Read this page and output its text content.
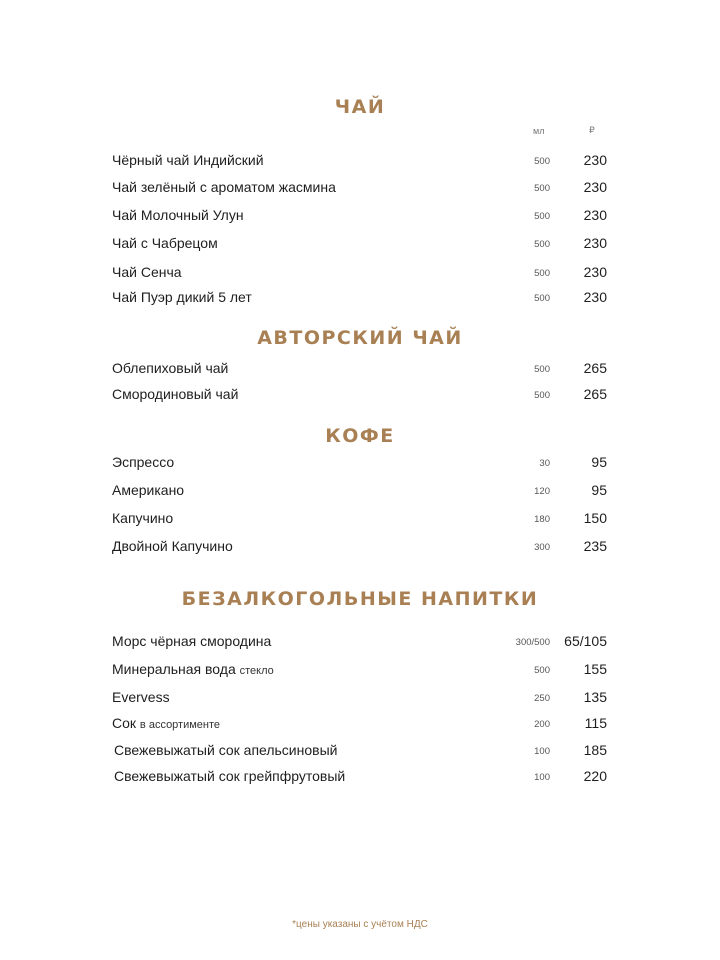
ЧАЙ
мл	₽
Чёрный чай Индийский	500 230
Чай зелёный с ароматом жасмина	500 230
Чай Молочный Улун	500 230
Чай с Чабрецом	500 230
Чай Сенча	500 230
Чай Пуэр дикий 5 лет	500 230
АВТОРСКИЙ ЧАЙ
Облепиховый чай	500 265
Смородиновый чай	500 265
КОФЕ
Эспрессо	30	95
Американо	120	95
Капучино	180 150
Двойной Капучино	300 235
БЕЗАЛКОГОЛЬНЫЕ НАПИТКИ
Морс чёрная смородина	300/500 65/105
Минеральная вода стекло	500 155
Evervess	250 135
Сок в ассортименте	200 115
Свежевыжатый сок апельсиновый	100 185
Свежевыжатый сок грейпфрутовый	100 220
*цены указаны с учётом НДС
